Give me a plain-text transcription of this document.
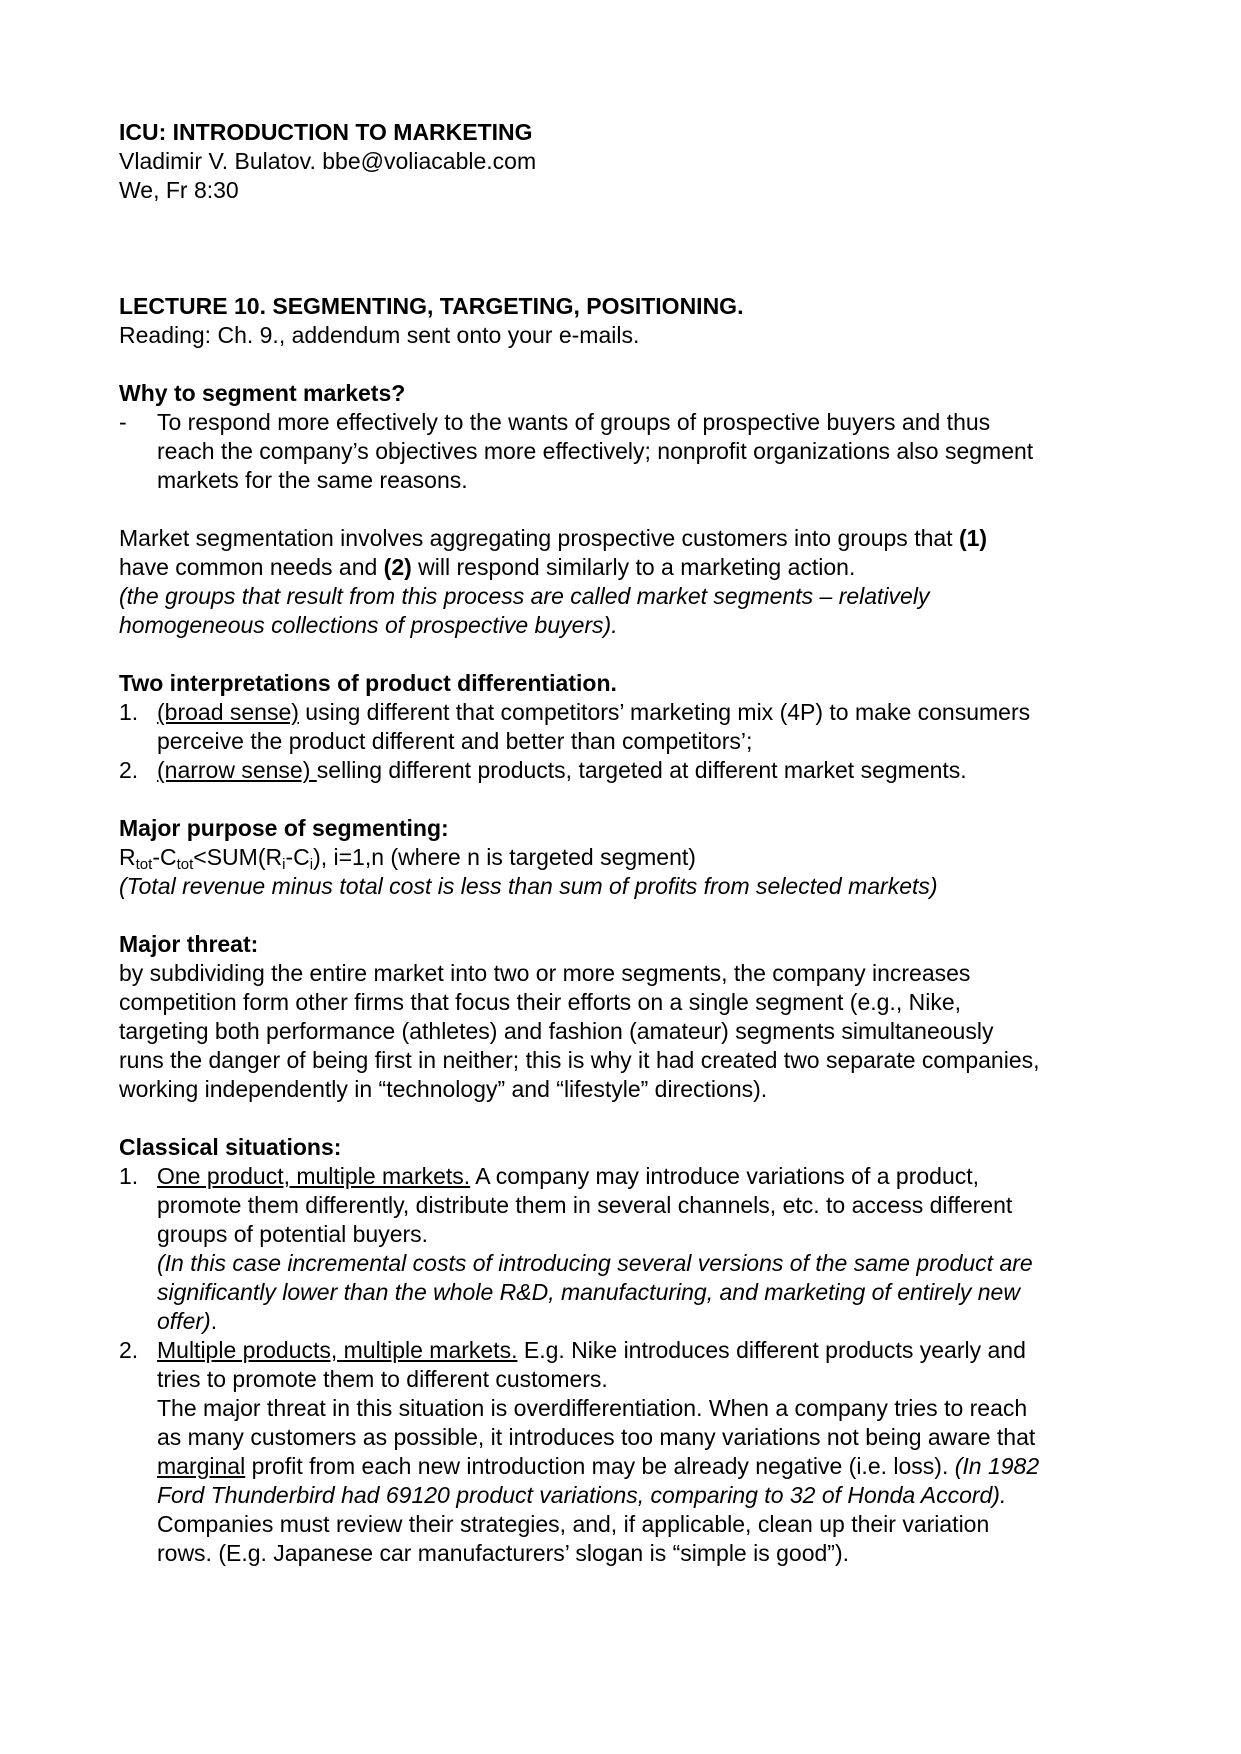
ICU: INTRODUCTION TO MARKETING
Vladimir V. Bulatov. bbe@voliacable.com
We, Fr 8:30
LECTURE 10. SEGMENTING, TARGETING, POSITIONING.
Reading: Ch. 9., addendum sent onto your e-mails.
Why to segment markets?
-	To respond more effectively to the wants of groups of prospective buyers and thus
reach the company’s objectives more effectively; nonprofit organizations also segment
markets for the same reasons.
Market segmentation involves aggregating prospective customers into groups that (1)
have common needs and (2) will respond similarly to a marketing action.
(the groups that result from this process are called market segments – relatively
homogeneous collections of prospective buyers).
Two interpretations of product differentiation.
1. (broad sense) using different that competitors’ marketing mix (4P) to make consumers
perceive the product different and better than competitors’;
2. (narrow sense) selling different products, targeted at different market segments.
Major purpose of segmenting:
$R_{tot}-C_{tot}<SUM(R_i-C_i)$, i=1,n (where n is targeted segment)
(Total revenue minus total cost is less than sum of profits from selected markets)
Major threat:
by subdividing the entire market into two or more segments, the company increases
competition form other firms that focus their efforts on a single segment (e.g., Nike,
targeting both performance (athletes) and fashion (amateur) segments simultaneously
runs the danger of being first in neither; this is why it had created two separate companies,
working independently in “technology” and “lifestyle” directions).
Classical situations:
1. One product, multiple markets. A company may introduce variations of a product,
promote them differently, distribute them in several channels, etc. to access different
groups of potential buyers.
(In this case incremental costs of introducing several versions of the same product are
significantly lower than the whole R&D, manufacturing, and marketing of entirely new
offer).
2. Multiple products, multiple markets. E.g. Nike introduces different products yearly and
tries to promote them to different customers.
The major threat in this situation is overdifferentiation. When a company tries to reach
as many customers as possible, it introduces too many variations not being aware that
marginal profit from each new introduction may be already negative (i.e. loss). (In 1982
Ford Thunderbird had 69120 product variations, comparing to 32 of Honda Accord).
Companies must review their strategies, and, if applicable, clean up their variation
rows. (E.g. Japanese car manufacturers’ slogan is “simple is good”).
